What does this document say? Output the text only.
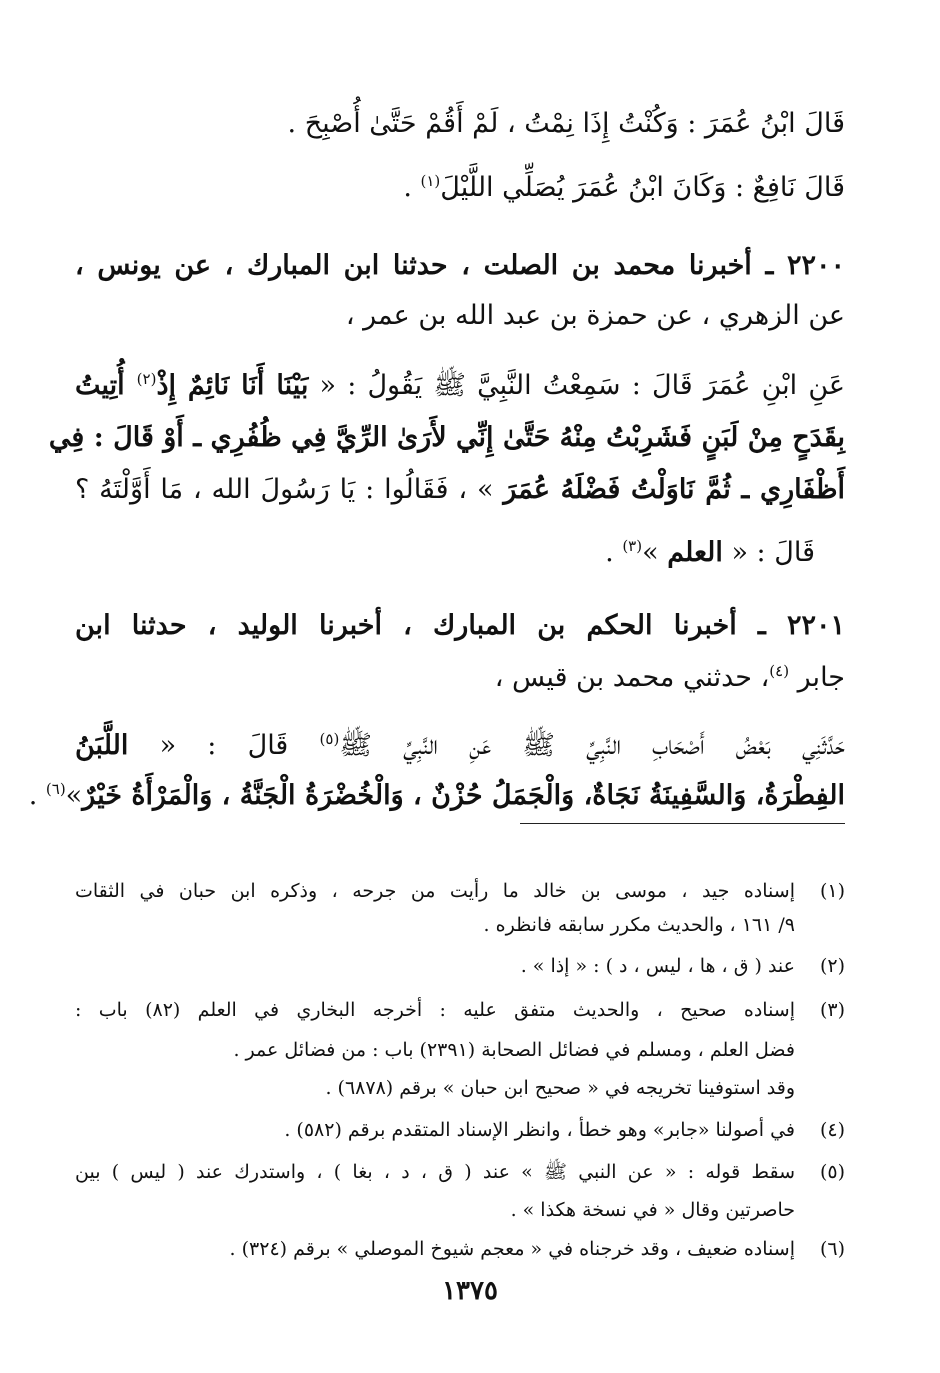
قَالَ ابْنُ عُمَرَ : وَكُنْتُ إِذَا نِمْتُ ، لَمْ أَقُمْ حَتَّىٰ أُصْبِحَ .
قَالَ نَافِعٌ : وَكَانَ ابْنُ عُمَرَ يُصَلِّي اللَّيْلَ$^{(١)}$ .
٢٢٠٠ ـ أخبرنا محمد بن الصلت ، حدثنا ابن المبارك ، عن يونس ،
عن الزهري ، عن حمزة بن عبد الله بن عمر ،
عَنِ ابْنِ عُمَرَ قَالَ : سَمِعْتُ النَّبِيَّ ﷺ يَقُولُ : « بَيْنَا أَنَا نَائِمٌ إِذْ$^{(٢)}$ أُتِيتُ
بِقَدَحٍ مِنْ لَبَنٍ فَشَرِبْتُ مِنْهُ حَتَّىٰ إِنِّي لأَرَىٰ الرِّيَّ فِي ظُفُرِي ـ أَوْ قَالَ : فِي
أَظْفَارِي ـ ثُمَّ نَاوَلْتُ فَضْلَهُ عُمَرَ » ، فَقَالُوا : يَا رَسُولَ الله ، مَا أَوَّلْتَهُ ؟
قَالَ : « العلم »$^{(٣)}$ .
٢٢٠١ ـ أخبرنا الحكم بن المبارك ، أخبرنا الوليد ، حدثنا ابن
جابر $^{(٤)}$، حدثني محمد بن قيس ،
حَدَّثَنِي بَعْضُ أَصْحَابِ النَّبِيِّ ﷺ عَنِ النَّبِيِّ ﷺ$^{(٥)}$ قَالَ : « اللَّبَنُ
الفِطْرَةُ، وَالسَّفِينَةُ نَجَاةٌ، وَالْجَمَلُ حُزْنٌ ، وَالْخُضْرَةُ الْجَنَّةُ ، وَالْمَرْأَةُ خَيْرٌ»$^{(٦)}$ .
(١)
إسناده جيد ، موسى بن خالد ما رأيت من جرحه ، وذكره ابن حبان في الثقات
٩/ ١٦١ ، والحديث مكرر سابقه فانظره .
(٢)
عند ( ق ، ها ، ليس ، د ) : « إذا » .
(٣)
إسناده صحيح ، والحديث متفق عليه : أخرجه البخاري في العلم (٨٢) باب :
فضل العلم ، ومسلم في فضائل الصحابة (٢٣٩١) باب : من فضائل عمر .
وقد استوفينا تخريجه في « صحيح ابن حبان » برقم (٦٨٧٨) .
(٤)
في أصولنا «جابر» وهو خطأ ، وانظر الإسناد المتقدم برقم (٥٨٢) .
(٥)
سقط قوله : « عن النبي ﷺ » عند ( ق ، د ، بغا ) ، واستدرك عند ( ليس ) بين
حاصرتين وقال « في نسخة هكذا » .
(٦)
إسناده ضعيف ، وقد خرجناه في « معجم شيوخ الموصلي » برقم (٣٢٤) .
١٣٧٥
